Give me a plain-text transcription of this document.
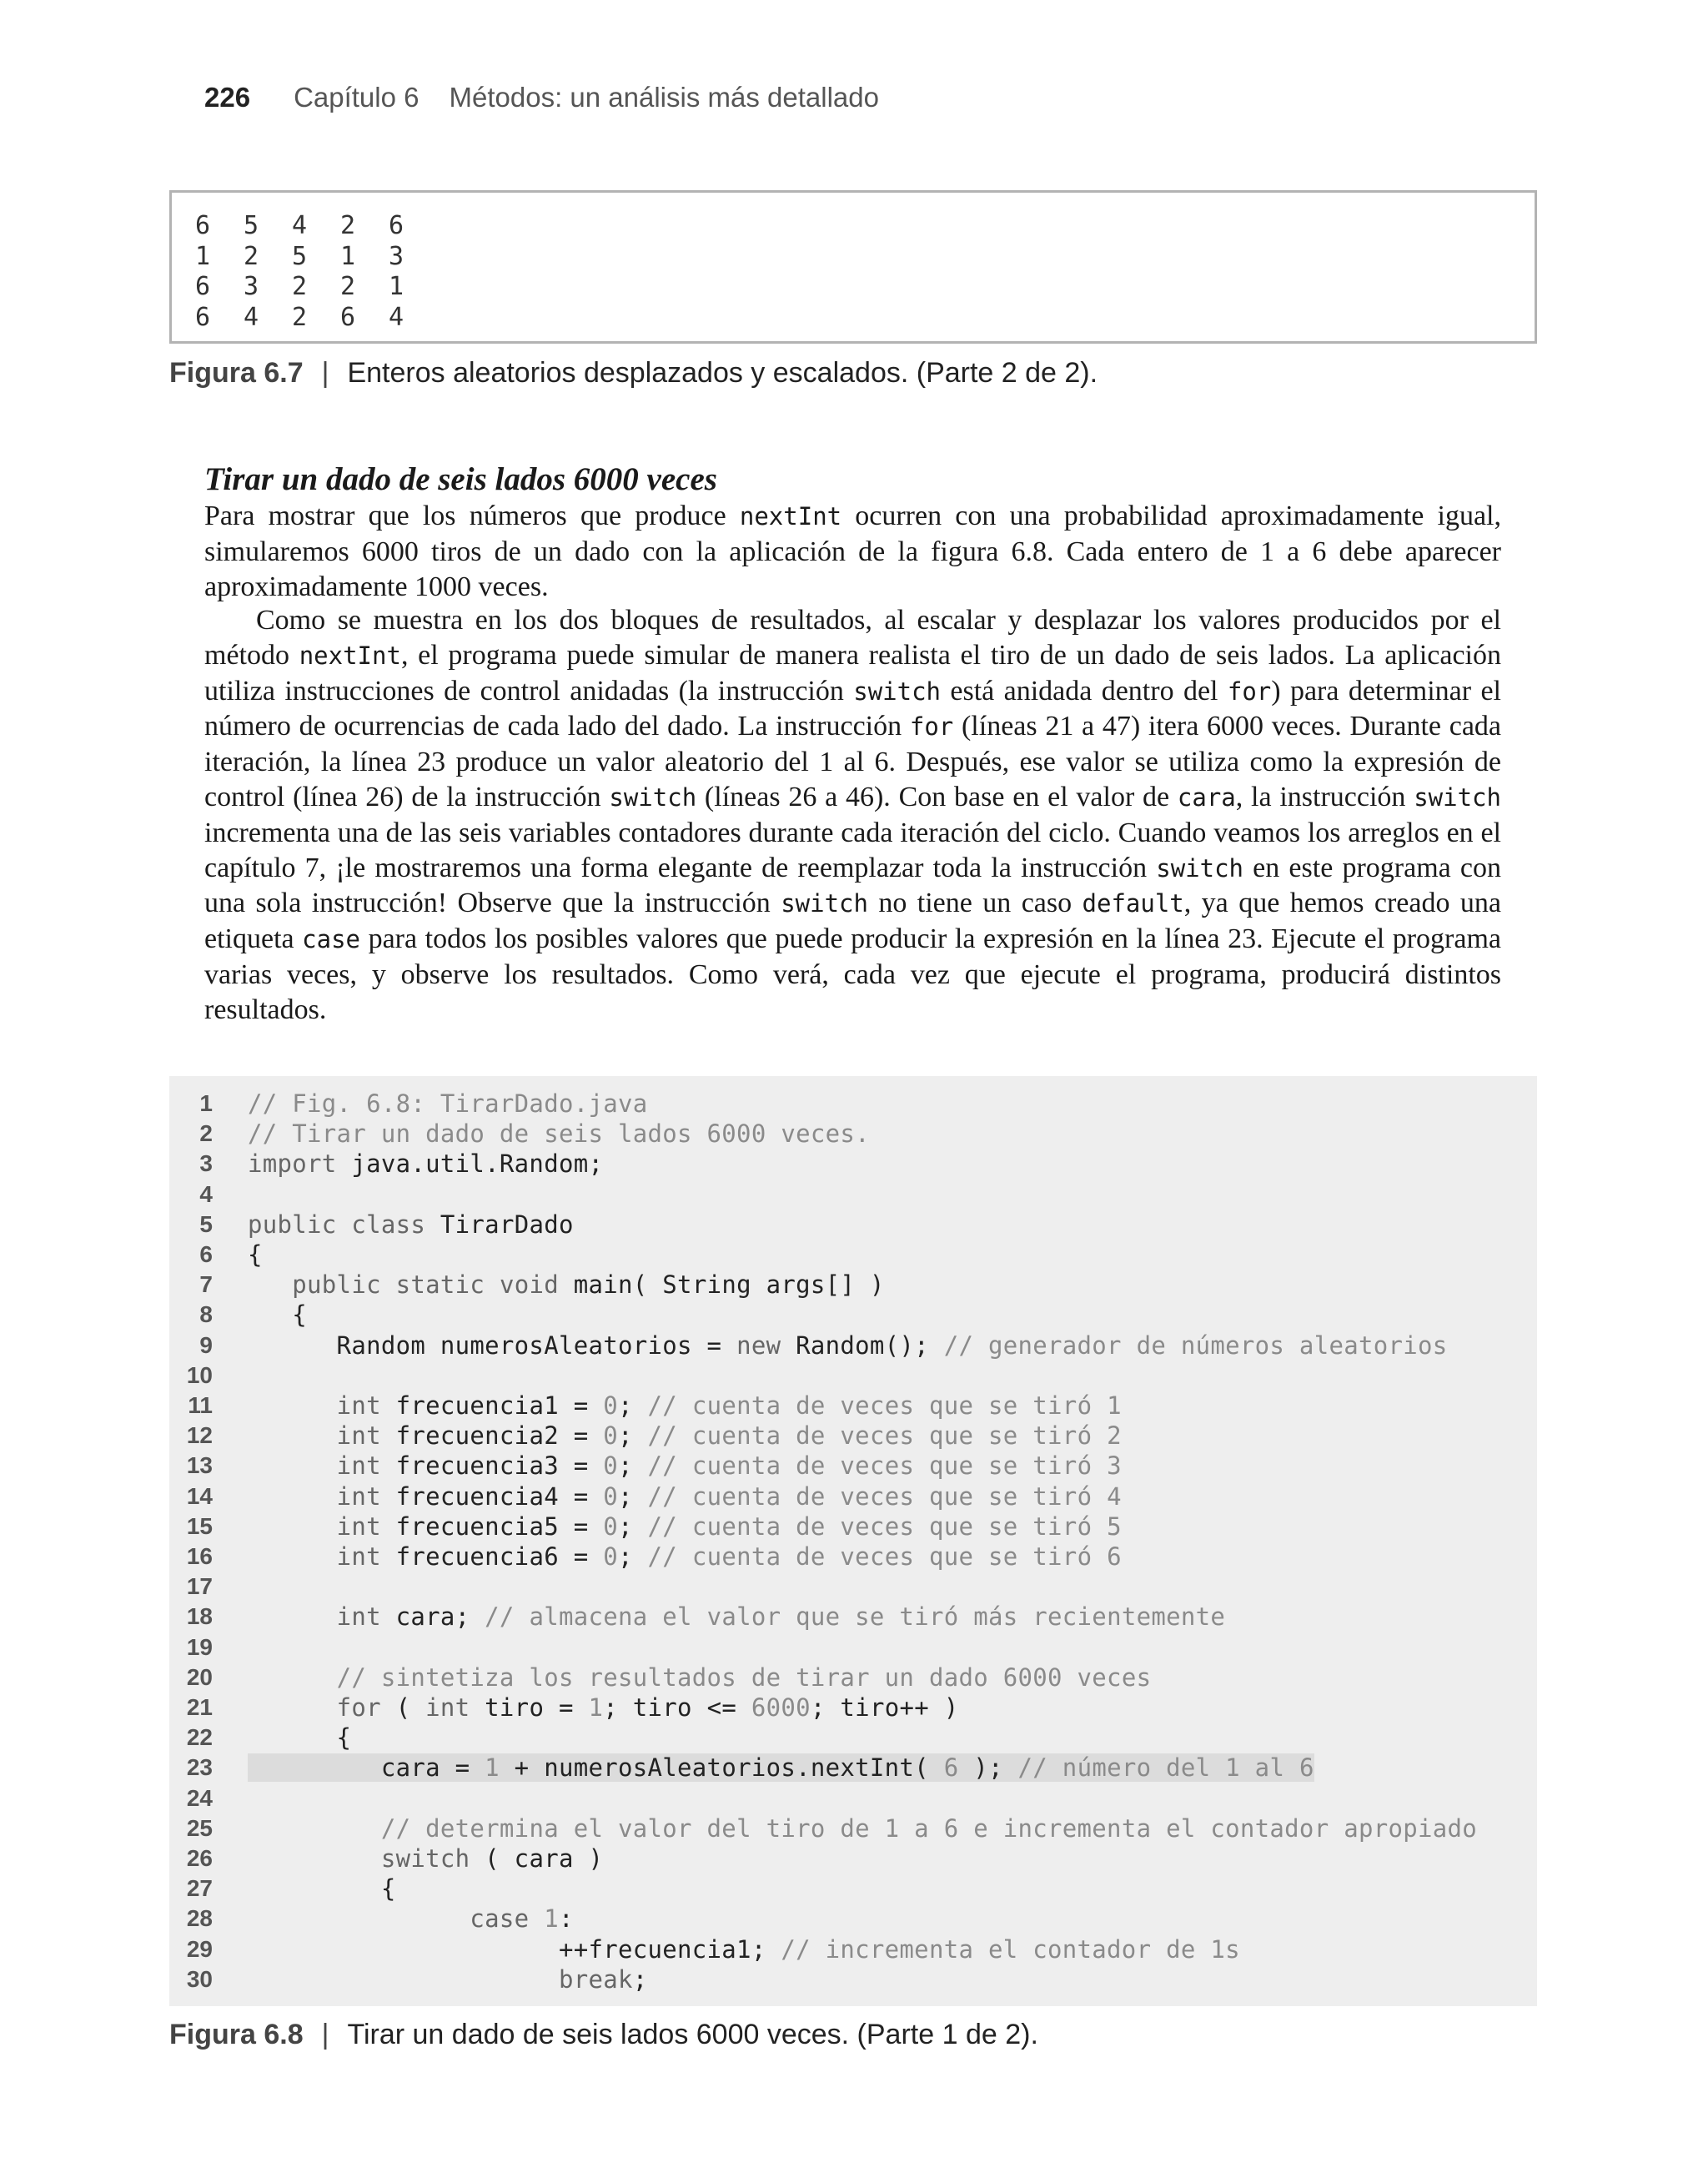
226 Capítulo 6 Métodos: un análisis más detallado
6 5 4 2 6
1 2 5 1 3
6 3 2 2 1
6 4 2 6 4
Figura 6.7 | Enteros aleatorios desplazados y escalados. (Parte 2 de 2).
Tirar un dado de seis lados 6000 veces

Para mostrar que los números que produce nextInt ocurren con una probabilidad aproximadamente igual, simularemos 6000 tiros de un dado con la aplicación de la figura 6.8. Cada entero de 1 a 6 debe aparecer aproximadamente 1000 veces.

Como se muestra en los dos bloques de resultados, al escalar y desplazar los valores producidos por el método nextInt, el programa puede simular de manera realista el tiro de un dado de seis lados. La aplicación utiliza instrucciones de control anidadas (la instrucción switch está anidada dentro del for) para determinar el número de ocurrencias de cada lado del dado. La instrucción for (líneas 21 a 47) itera 6000 veces. Durante cada iteración, la línea 23 produce un valor aleatorio del 1 al 6. Después, ese valor se utiliza como la expresión de control (línea 26) de la instrucción switch (líneas 26 a 46). Con base en el valor de cara, la instrucción switch incrementa una de las seis variables contadores durante cada iteración del ciclo. Cuando veamos los arreglos en el capítulo 7, ¡le mostraremos una forma elegante de reemplazar toda la instrucción switch en este programa con una sola instrucción! Observe que la instrucción switch no tiene un caso default, ya que hemos creado una etiqueta case para todos los posibles valores que puede producir la expresión en la línea 23. Ejecute el programa varias veces, y observe los resultados. Como verá, cada vez que ejecute el programa, producirá distintos resultados.

1 // Fig. 6.8: TirarDado.java
2 // Tirar un dado de seis lados 6000 veces.
3 import java.util.Random;
4
5 public class TirarDado
6 {
7	public static void main( String args[] )
8 {
9 Random numerosAleatorios = new Random(); // generador de números aleatorios
10
11	int frecuencia1 = 0; // cuenta de veces que se tiró 1
12	int frecuencia2 = 0; // cuenta de veces que se tiró 2
13	int frecuencia3 = 0; // cuenta de veces que se tiró 3
14	int frecuencia4 = 0; // cuenta de veces que se tiró 4
15	int frecuencia5 = 0; // cuenta de veces que se tiró 5
16	int frecuencia6 = 0; // cuenta de veces que se tiró 6
17
18	int cara; // almacena el valor que se tiró más recientemente
19
20	// sintetiza los resultados de tirar un dado 6000 veces
21	for ( int tiro = 1; tiro <= 6000; tiro++ )
22 {
23 cara = 1 + numerosAleatorios.nextInt( 6 ); // número del 1 al 6
24
25	// determina el valor del tiro de 1 a 6 e incrementa el contador apropiado
26	switch ( cara )
27 {
28	case 1:
29 ++frecuencia1; // incrementa el contador de 1s
30	break;
Figura 6.8 | Tirar un dado de seis lados 6000 veces. (Parte 1 de 2).
